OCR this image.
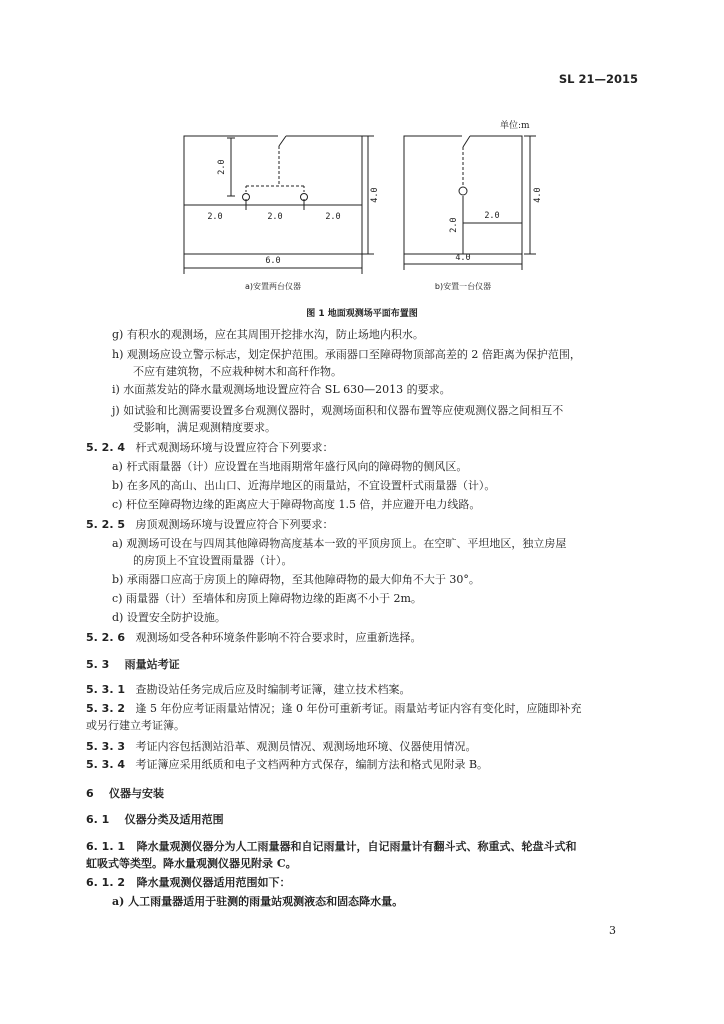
SL 21—2015
单位:m
2.0
2.0	2.0	2.0
6.0
4.0
a)安置两台仪器
2.0
2.0
4.0
4.0
b)安置一台仪器
图 1 地面观测场平面布置图
g) 有积水的观测场，应在其周围开挖排水沟，防止场地内积水。
h) 观测场应设立警示标志，划定保护范围。承雨器口至障碍物顶部高差的 2 倍距离为保护范围，
不应有建筑物，不应栽种树木和高秆作物。
i) 水面蒸发站的降水量观测场地设置应符合 SL 630—2013 的要求。
j) 如试验和比测需要设置多台观测仪器时，观测场面积和仪器布置等应使观测仪器之间相互不
受影响，满足观测精度要求。
5. 2. 4 杆式观测场环境与设置应符合下列要求：
a) 杆式雨量器（计）应设置在当地雨期常年盛行风向的障碍物的侧风区。
b) 在多风的高山、出山口、近海岸地区的雨量站，不宜设置杆式雨量器（计）。
c) 杆位至障碍物边缘的距离应大于障碍物高度 1.5 倍，并应避开电力线路。
5. 2. 5 房顶观测场环境与设置应符合下列要求：
a) 观测场可设在与四周其他障碍物高度基本一致的平顶房顶上。在空旷、平坦地区，独立房屋
的房顶上不宜设置雨量器（计）。
b) 承雨器口应高于房顶上的障碍物，至其他障碍物的最大仰角不大于 30°。
c) 雨量器（计）至墙体和房顶上障碍物边缘的距离不小于 2m。
d) 设置安全防护设施。
5. 2. 6 观测场如受各种环境条件影响不符合要求时，应重新选择。
5. 3 雨量站考证
5. 3. 1 查勘设站任务完成后应及时编制考证簿，建立技术档案。
5. 3. 2 逢 5 年份应考证雨量站情况；逢 0 年份可重新考证。雨量站考证内容有变化时，应随即补充
或另行建立考证簿。
5. 3. 3 考证内容包括测站沿革、观测员情况、观测场地环境、仪器使用情况。
5. 3. 4 考证簿应采用纸质和电子文档两种方式保存，编制方法和格式见附录 B。
6 仪器与安装
6. 1 仪器分类及适用范围
6. 1. 1 降水量观测仪器分为人工雨量器和自记雨量计，自记雨量计有翻斗式、称重式、轮盘斗式和
虹吸式等类型。降水量观测仪器见附录 C。
6. 1. 2 降水量观测仪器适用范围如下：
a) 人工雨量器适用于驻测的雨量站观测液态和固态降水量。
3
